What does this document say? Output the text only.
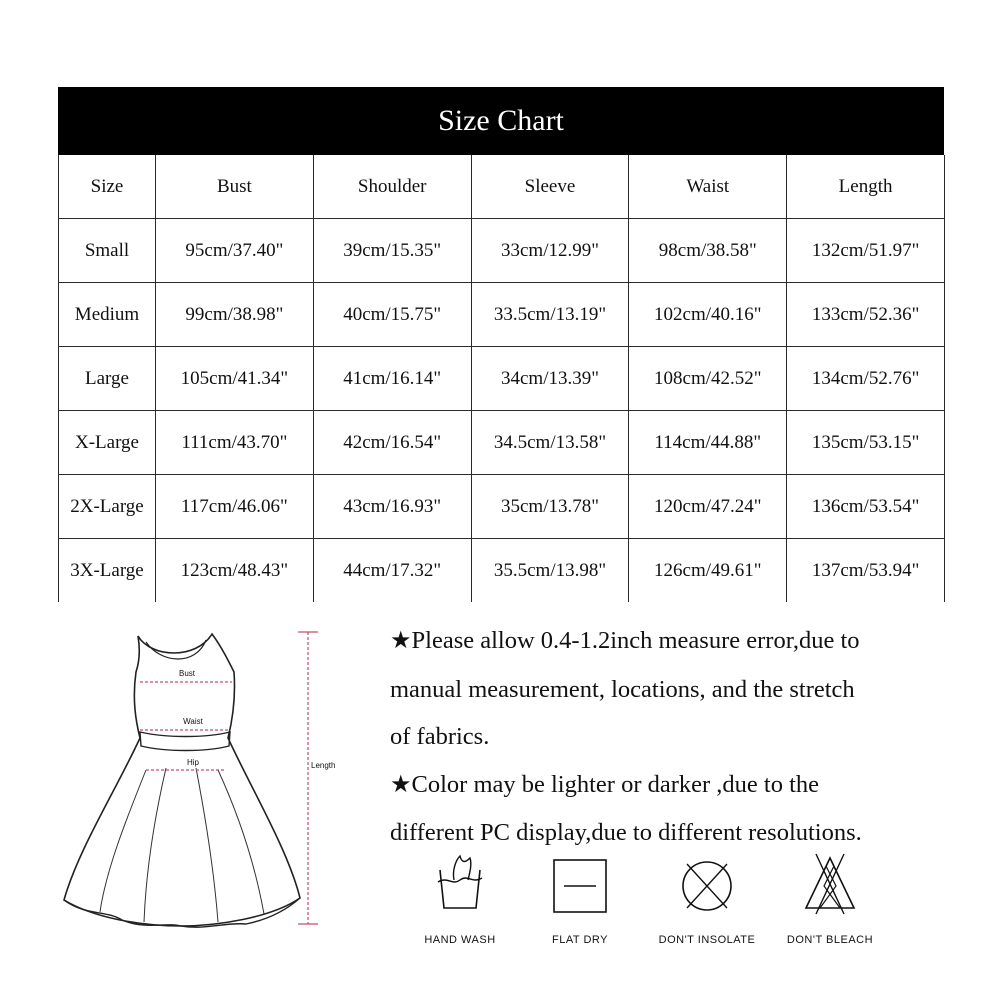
Size Chart
Size	Bust	Shoulder	Sleeve	Waist	Length
Small	95cm/37.40"	39cm/15.35"	33cm/12.99"	98cm/38.58"	132cm/51.97"
Medium	99cm/38.98"	40cm/15.75"	33.5cm/13.19"	102cm/40.16"	133cm/52.36"
Large	105cm/41.34"	41cm/16.14"	34cm/13.39"	108cm/42.52"	134cm/52.76"
X-Large	111cm/43.70"	42cm/16.54"	34.5cm/13.58"	114cm/44.88"	135cm/53.15"
2X-Large	117cm/46.06"	43cm/16.93"	35cm/13.78"	120cm/47.24"	136cm/53.54"
3X-Large	123cm/48.43"	44cm/17.32"	35.5cm/13.98"	126cm/49.61"	137cm/53.94"
Bust
Waist
Hip	Length

★Please allow 0.4-1.2inch measure error,due to

manual measurement, locations, and the stretch

of fabrics.

★Color may be lighter or darker ,due to the

different PC display,due to different resolutions.

HAND WASH	FLAT DRY	DON'T INSOLATE	DON'T BLEACH
